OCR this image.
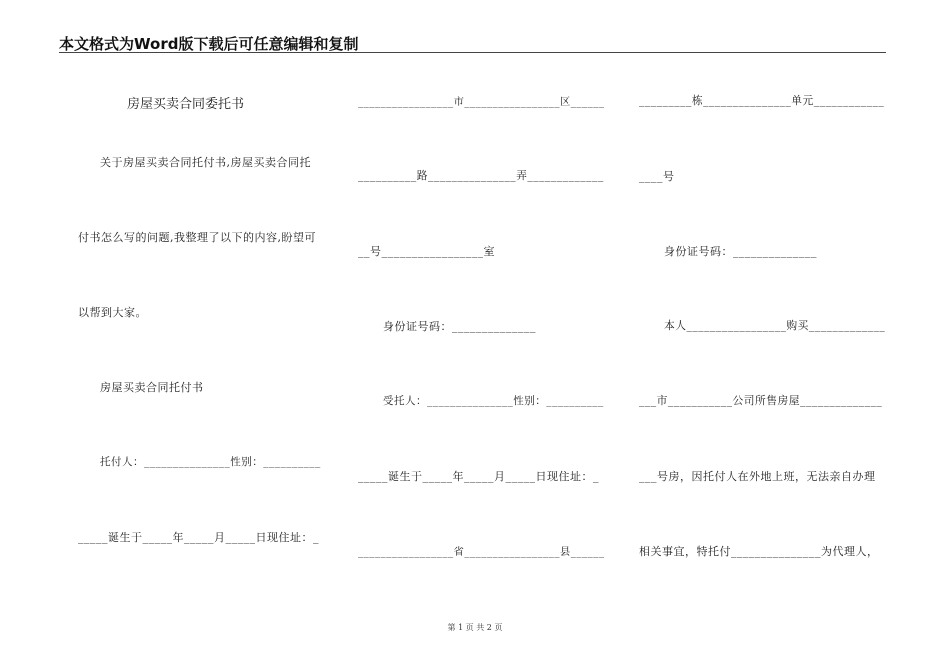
本文格式为Word版下载后可任意编辑和复制
房屋买卖合同委托书
关于房屋买卖合同托付书,房屋买卖合同托
付书怎么写的问题,我整理了以下的内容,盼望可
以帮到大家。
房屋买卖合同托付书
托付人：_______________性别：__________
_____诞生于_____年_____月_____日现住址：_
_________________市_________________区______
__________路_______________弄_____________
__号_________________室
身份证号码：______________
受托人：_______________性别：__________
_____诞生于_____年_____月_____日现住址：_
_________________省_________________县______
_________栋_______________单元____________
____号
身份证号码：______________
本人_________________购买_____________
___市___________公司所售房屋______________
___号房，因托付人在外地上班，无法亲自办理
相关事宜，特托付_______________为代理人，
第 1 页 共 2 页
